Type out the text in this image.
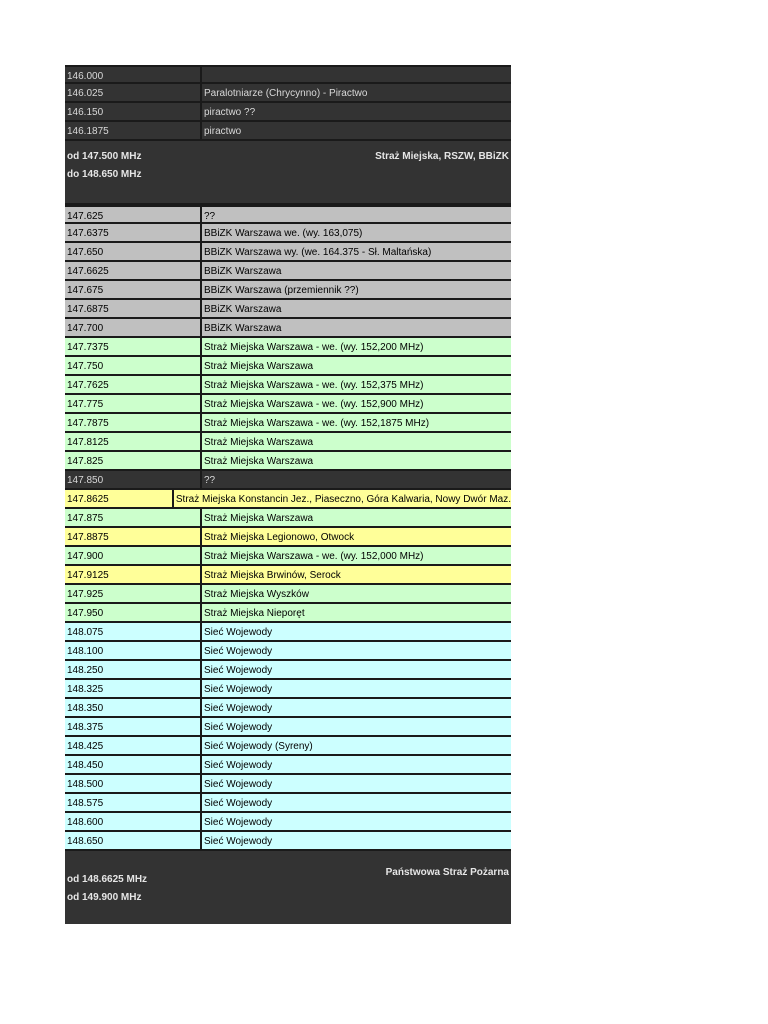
146.000
146.025	Paralotniarze (Chrycynno) - Piractwo
146.150	piractwo ??
146.1875	piractwo
od 147.500 MHz	Straż Miejska, RSZW, BBiZK
do 148.650 MHz
147.625	??
147.6375	BBiZK Warszawa we. (wy. 163,075)
147.650	BBiZK Warszawa wy. (we. 164.375 - Sł. Maltańska)
147.6625	BBiZK Warszawa
147.675	BBiZK Warszawa (przemiennik ??)
147.6875	BBiZK Warszawa
147.700	BBiZK Warszawa
147.7375	Straż Miejska Warszawa - we. (wy. 152,200 MHz)
147.750	Straż Miejska Warszawa
147.7625	Straż Miejska Warszawa - we. (wy. 152,375 MHz)
147.775	Straż Miejska Warszawa - we. (wy. 152,900 MHz)
147.7875	Straż Miejska Warszawa - we. (wy. 152,1875 MHz)
147.8125	Straż Miejska Warszawa
147.825	Straż Miejska Warszawa
147.850	??
147.8625	Straż Miejska Konstancin Jez., Piaseczno, Góra Kalwaria, Nowy Dwór Maz.
147.875	Straż Miejska Warszawa
147.8875	Straż Miejska Legionowo, Otwock
147.900	Straż Miejska Warszawa - we. (wy. 152,000 MHz)
147.9125	Straż Miejska Brwinów, Serock
147.925	Straż Miejska Wyszków
147.950	Straż Miejska Nieporęt
148.075	Sieć Wojewody
148.100	Sieć Wojewody
148.250	Sieć Wojewody
148.325	Sieć Wojewody
148.350	Sieć Wojewody
148.375	Sieć Wojewody
148.425	Sieć Wojewody (Syreny)
148.450	Sieć Wojewody
148.500	Sieć Wojewody
148.575	Sieć Wojewody
148.600	Sieć Wojewody
148.650	Sieć Wojewody
Państwowa Straż Pożarna
od 148.6625 MHz
od 149.900 MHz
